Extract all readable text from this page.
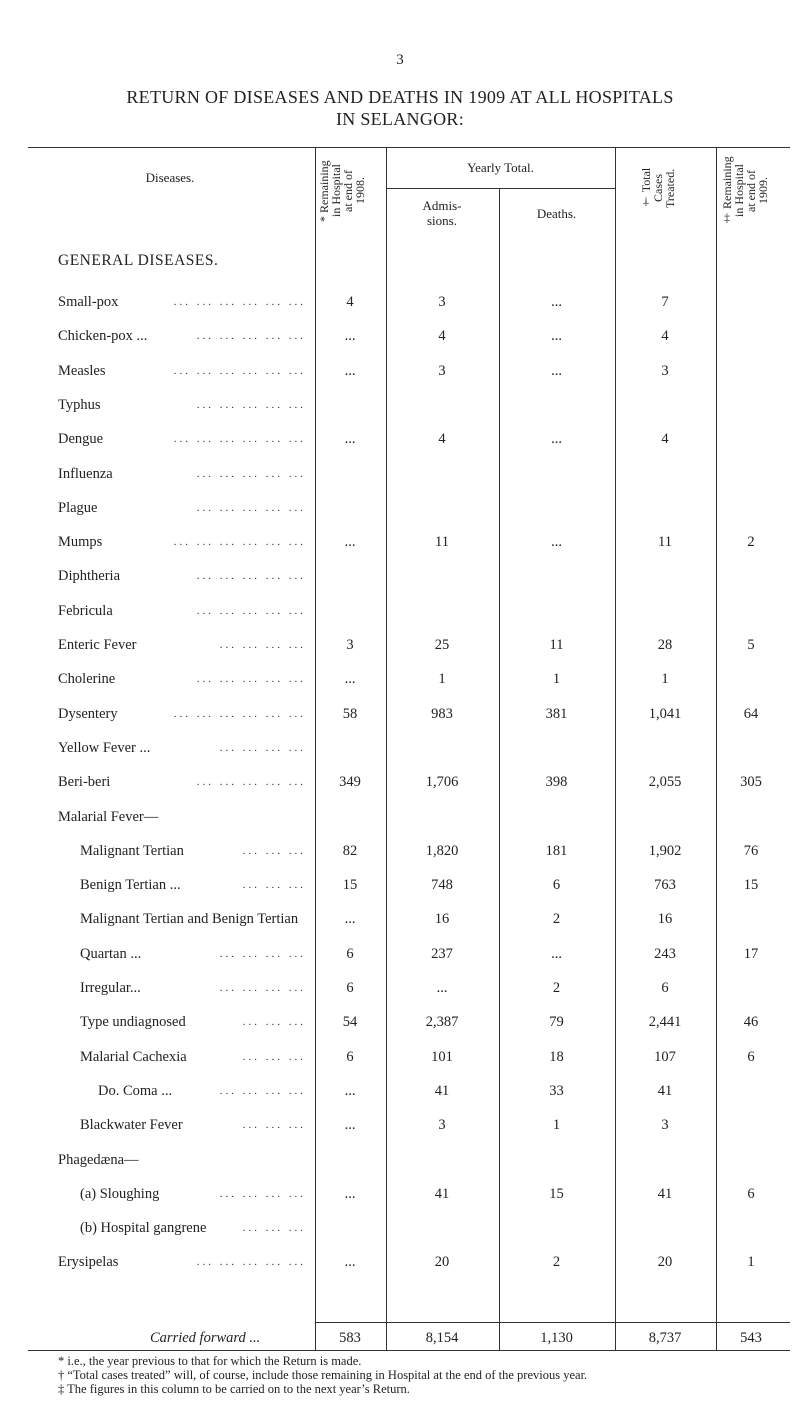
3
RETURN OF DISEASES AND DEATHS IN 1909 AT ALL HOSPITALS
IN SELANGOR:
Diseases.
* Remaining
in Hospital
at end of
1908.
Yearly Total.
Admis-
sions.	Deaths.
† Total
Cases
Treated.
‡ Remaining
in Hospital
at end of
1909.
GENERAL DISEASES.
Small-pox	... ... ... ... ... ...	4	3	...	7
Chicken-pox ...	... ... ... ... ...	...	4	...	4
Measles	... ... ... ... ... ...	...	3	...	3
Typhus	... ... ... ... ...
Dengue	... ... ... ... ... ...	...	4	...	4
Influenza	... ... ... ... ...
Plague	... ... ... ... ...
Mumps	... ... ... ... ... ...	...	11	...	11	2
Diphtheria	... ... ... ... ...
Febricula	... ... ... ... ...
Enteric Fever	... ... ... ...	3	25	11	28	5
Cholerine	... ... ... ... ...	...	1	1	1
Dysentery	... ... ... ... ... ...	58	983	381	1,041	64
Yellow Fever ...	... ... ... ...
Beri-beri	... ... ... ... ...	349	1,706	398	2,055	305
Malarial Fever—
Malignant Tertian	... ... ...	82	1,820	181	1,902	76
Benign Tertian ...	... ... ...	15	748	6	763	15
Malignant Tertian and Benign Tertian	...	16	2	16
Quartan ...	... ... ... ...	6	237	...	243	17
Irregular...	... ... ... ...	6	...	2	6
Type undiagnosed	... ... ...	54	2,387	79	2,441	46
Malarial Cachexia	... ... ...	6	101	18	107	6
Do. Coma ...	... ... ... ...	...	41	33	41
Blackwater Fever	... ... ...	...	3	1	3
Phagedæna—
(a) Sloughing	... ... ... ...	...	41	15	41	6
(b) Hospital gangrene	... ... ...
Erysipelas	... ... ... ... ...	...	20	2	20	1
Carried forward ...	583	8,154	1,130	8,737	543
* i.e., the year previous to that for which the Return is made.
† “Total cases treated” will, of course, include those remaining in Hospital at the end of the previous year.
‡ The figures in this column to be carried on to the next year’s Return.
